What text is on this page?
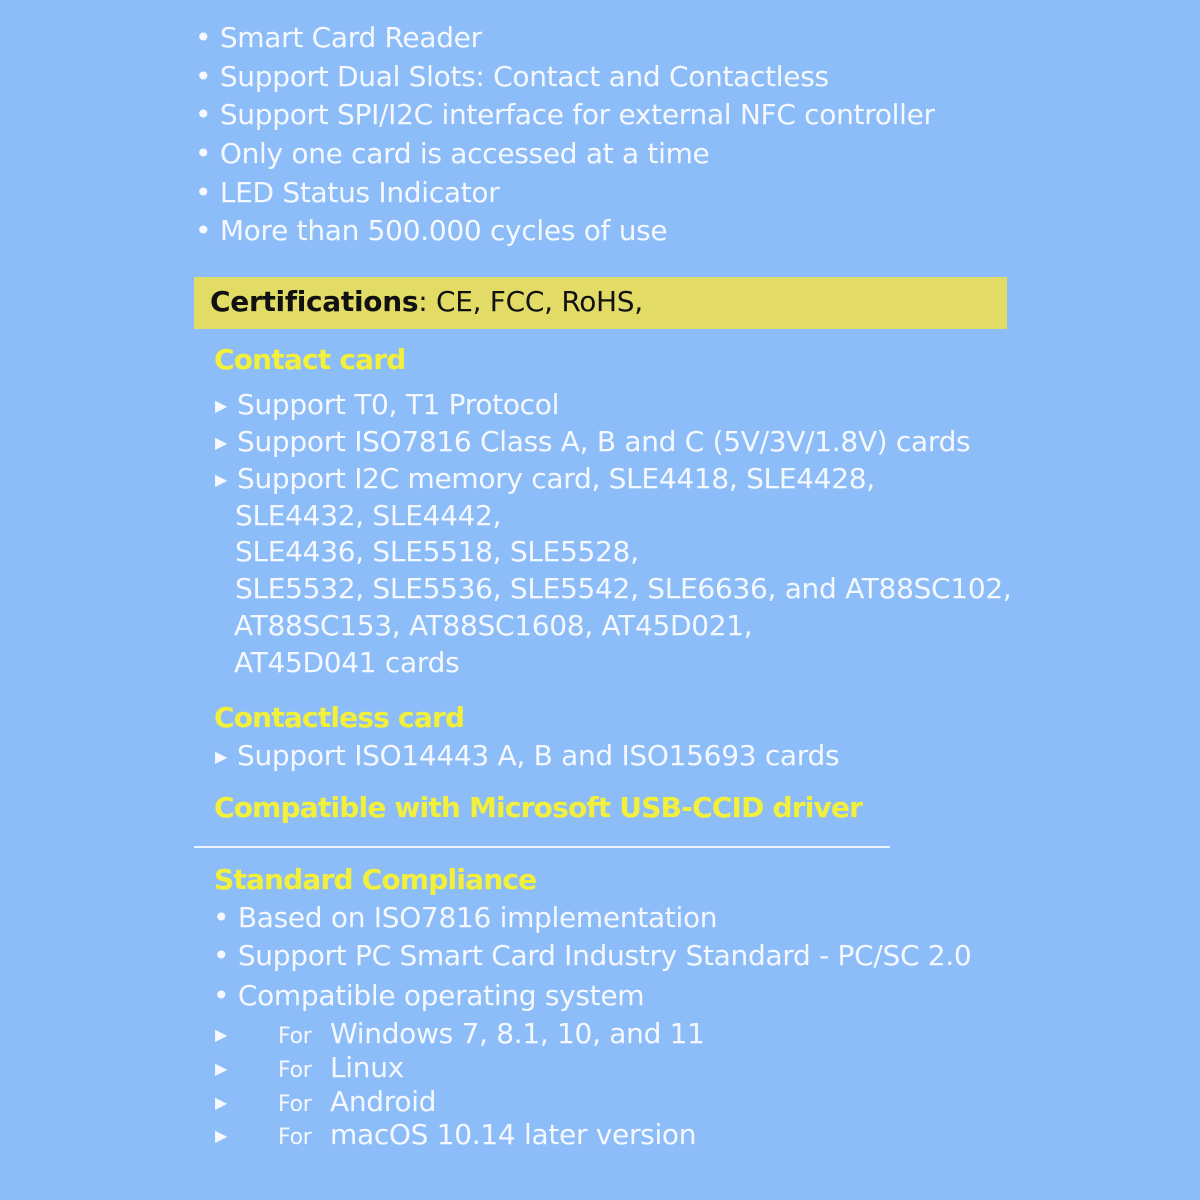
• Smart Card Reader
• Support Dual Slots: Contact and Contactless
• Support SPI/I2C interface for external NFC controller
• Only one card is accessed at a time
• LED Status Indicator
• More than 500.000 cycles of use
Certifications: CE, FCC, RoHS,
Contact card
▶ Support T0, T1 Protocol
▶ Support ISO7816 Class A, B and C (5V/3V/1.8V) cards
▶ Support I2C memory card, SLE4418, SLE4428,
SLE4432, SLE4442,
SLE4436, SLE5518, SLE5528,
SLE5532, SLE5536, SLE5542, SLE6636, and AT88SC102,
AT88SC153, AT88SC1608, AT45D021,
AT45D041 cards
Contactless card
▶ Support ISO14443 A, B and ISO15693 cards
Compatible with Microsoft USB-CCID driver
Standard Compliance
• Based on ISO7816 implementation
• Support PC Smart Card Industry Standard - PC/SC 2.0
• Compatible operating system
▶ For Windows 7, 8.1, 10, and 11
▶ For Linux
▶ For Android
▶ For macOS 10.14 later version
